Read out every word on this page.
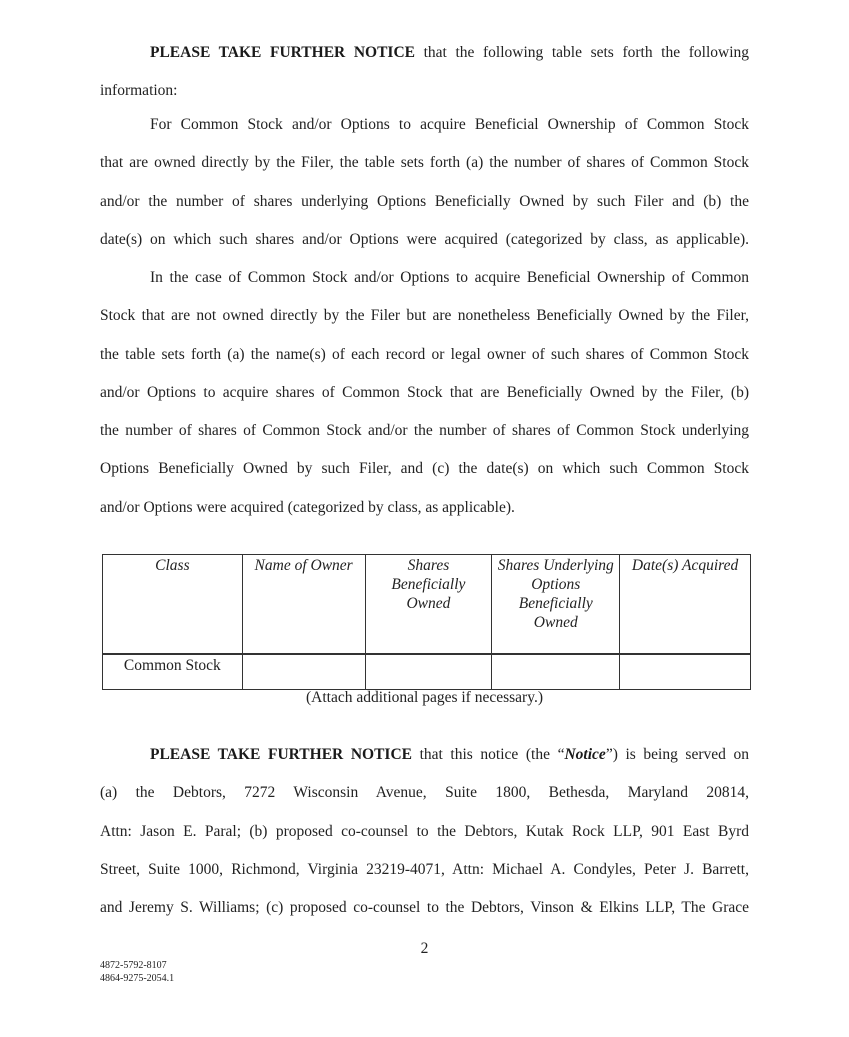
PLEASE TAKE FURTHER NOTICE that the following table sets forth the following
information:

For Common Stock and/or Options to acquire Beneficial Ownership of Common Stock
that are owned directly by the Filer, the table sets forth (a) the number of shares of Common Stock
and/or the number of shares underlying Options Beneficially Owned by such Filer and (b) the
date(s) on which such shares and/or Options were acquired (categorized by class, as applicable).

In the case of Common Stock and/or Options to acquire Beneficial Ownership of Common
Stock that are not owned directly by the Filer but are nonetheless Beneficially Owned by the Filer,
the table sets forth (a) the name(s) of each record or legal owner of such shares of Common Stock
and/or Options to acquire shares of Common Stock that are Beneficially Owned by the Filer, (b)
the number of shares of Common Stock and/or the number of shares of Common Stock underlying
Options Beneficially Owned by such Filer, and (c) the date(s) on which such Common Stock
and/or Options were acquired (categorized by class, as applicable).

Class	Name of Owner	Shares Beneficially Owned	Shares Underlying Options Beneficially Owned	Date(s) Acquired
Common Stock				
(Attach additional pages if necessary.)

PLEASE TAKE FURTHER NOTICE that this notice (the “Notice”) is being served on
(a) the Debtors, 7272 Wisconsin Avenue, Suite 1800, Bethesda, Maryland 20814,
Attn: Jason E. Paral; (b) proposed co-counsel to the Debtors, Kutak Rock LLP, 901 East Byrd
Street, Suite 1000, Richmond, Virginia 23219-4071, Attn: Michael A. Condyles, Peter J. Barrett,
and Jeremy S. Williams; (c) proposed co-counsel to the Debtors, Vinson & Elkins LLP, The Grace

2
4872-5792-8107
4864-9275-2054.1
